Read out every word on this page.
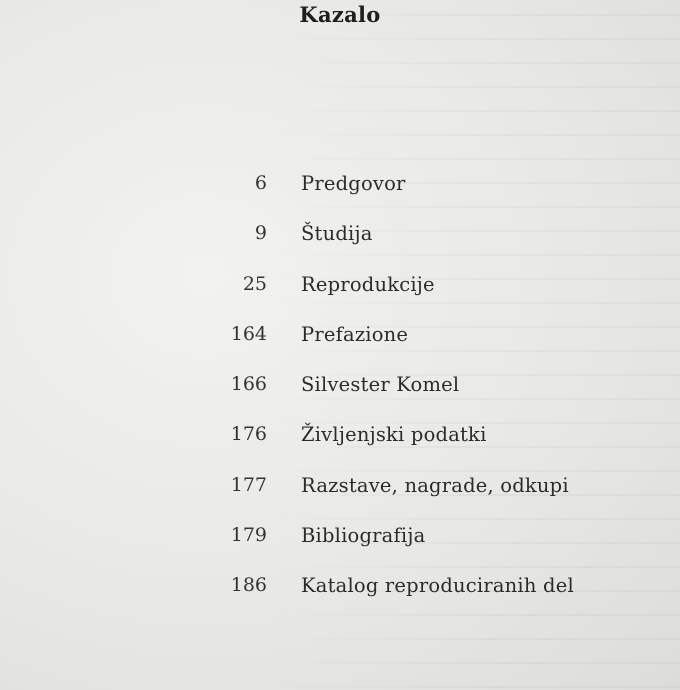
Kazalo
6 Predgovor
9 Študija
25 Reprodukcije
164 Prefazione
166 Silvester Komel
176 Življenjski podatki
177 Razstave, nagrade, odkupi
179 Bibliografija
186 Katalog reproduciranih del
